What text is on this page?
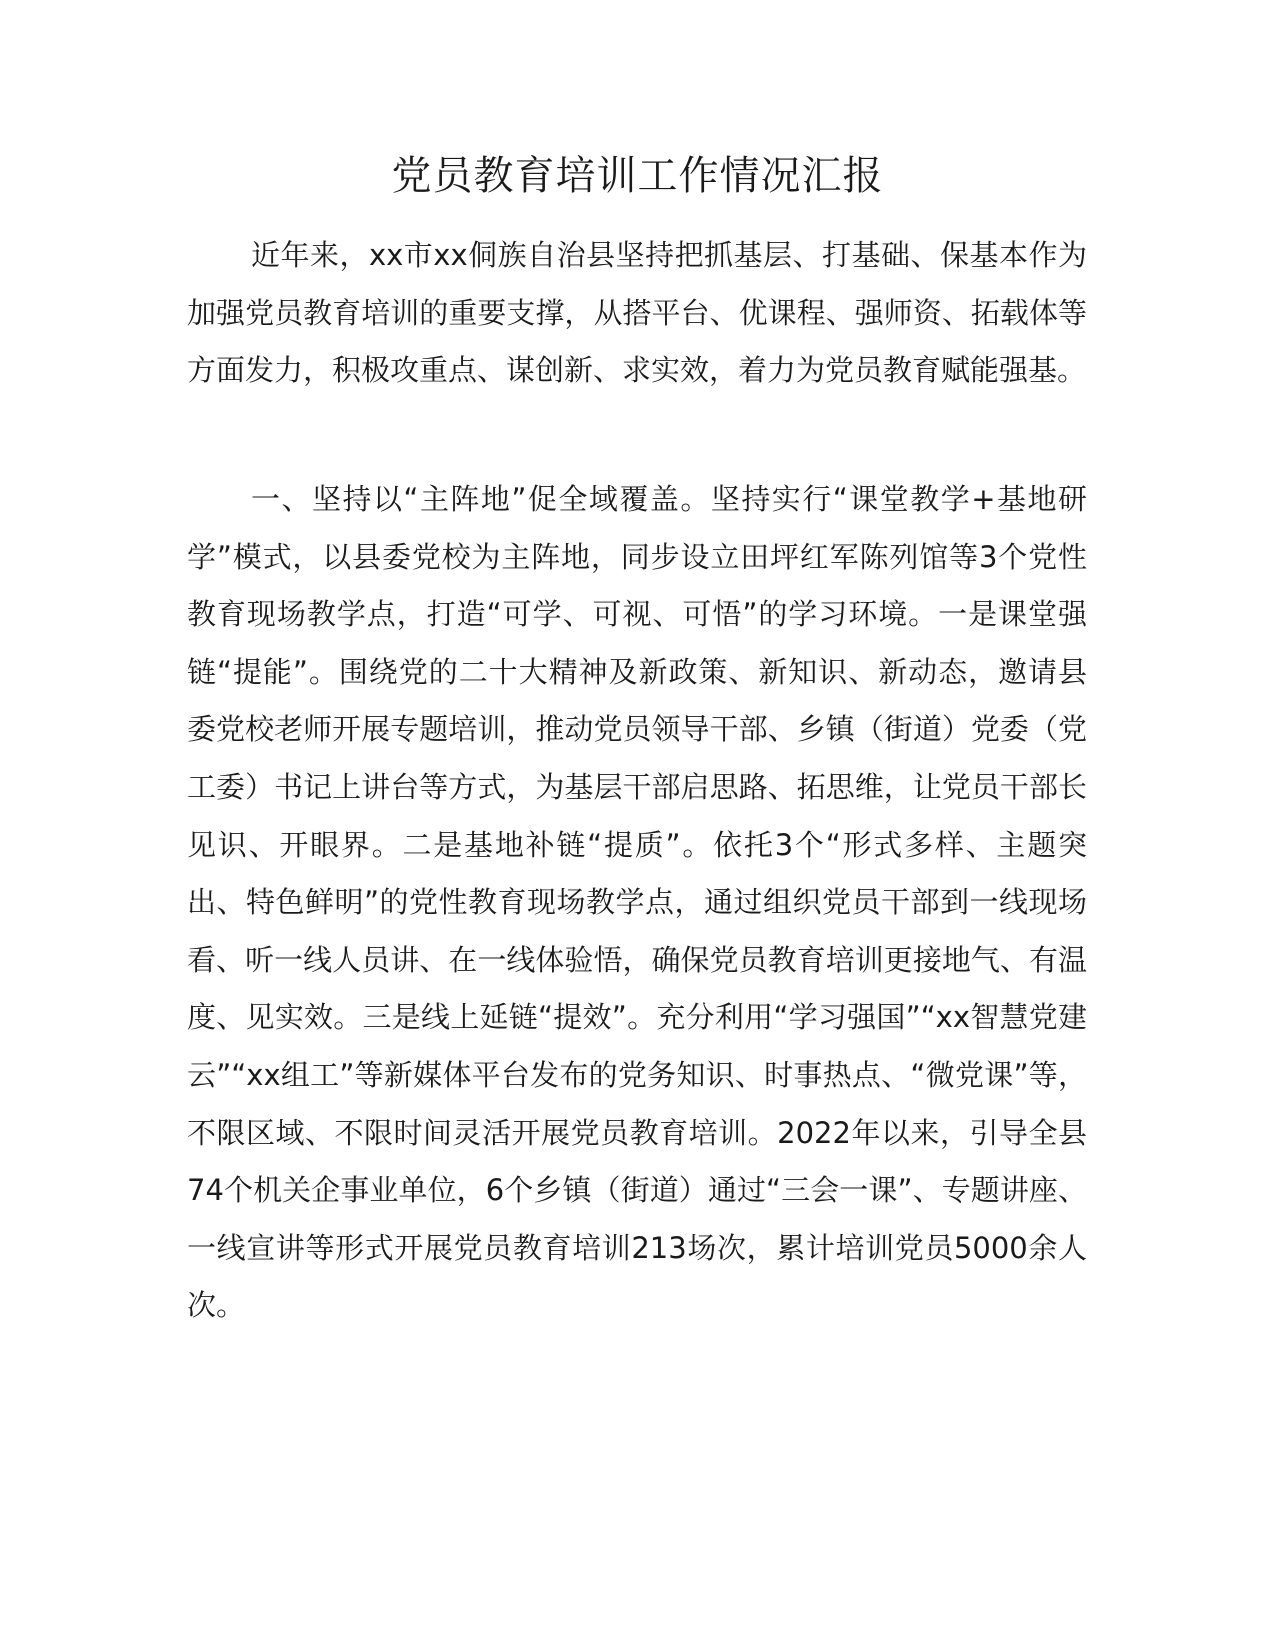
党员教育培训工作情况汇报

近年来，xx市xx侗族自治县坚持把抓基层、打基础、保基本作为加强党员教育培训的重要支撑，从搭平台、优课程、强师资、拓载体等方面发力，积极攻重点、谋创新、求实效，着力为党员教育赋能强基。

一、坚持以“主阵地”促全域覆盖。坚持实行“课堂教学+基地研学”模式，以县委党校为主阵地，同步设立田坪红军陈列馆等3个党性教育现场教学点，打造“可学、可视、可悟”的学习环境。一是课堂强链“提能”。围绕党的二十大精神及新政策、新知识、新动态，邀请县委党校老师开展专题培训，推动党员领导干部、乡镇（街道）党委（党工委）书记上讲台等方式，为基层干部启思路、拓思维，让党员干部长见识、开眼界。二是基地补链“提质”。依托3个“形式多样、主题突出、特色鲜明”的党性教育现场教学点，通过组织党员干部到一线现场看、听一线人员讲、在一线体验悟，确保党员教育培训更接地气、有温度、见实效。三是线上延链“提效”。充分利用“学习强国”“xx智慧党建云”“xx组工”等新媒体平台发布的党务知识、时事热点、“微党课”等，不限区域、不限时间灵活开展党员教育培训。2022年以来，引导全县74个机关企事业单位，6个乡镇（街道）通过“三会一课”、专题讲座、一线宣讲等形式开展党员教育培训213场次，累计培训党员5000余人次。
